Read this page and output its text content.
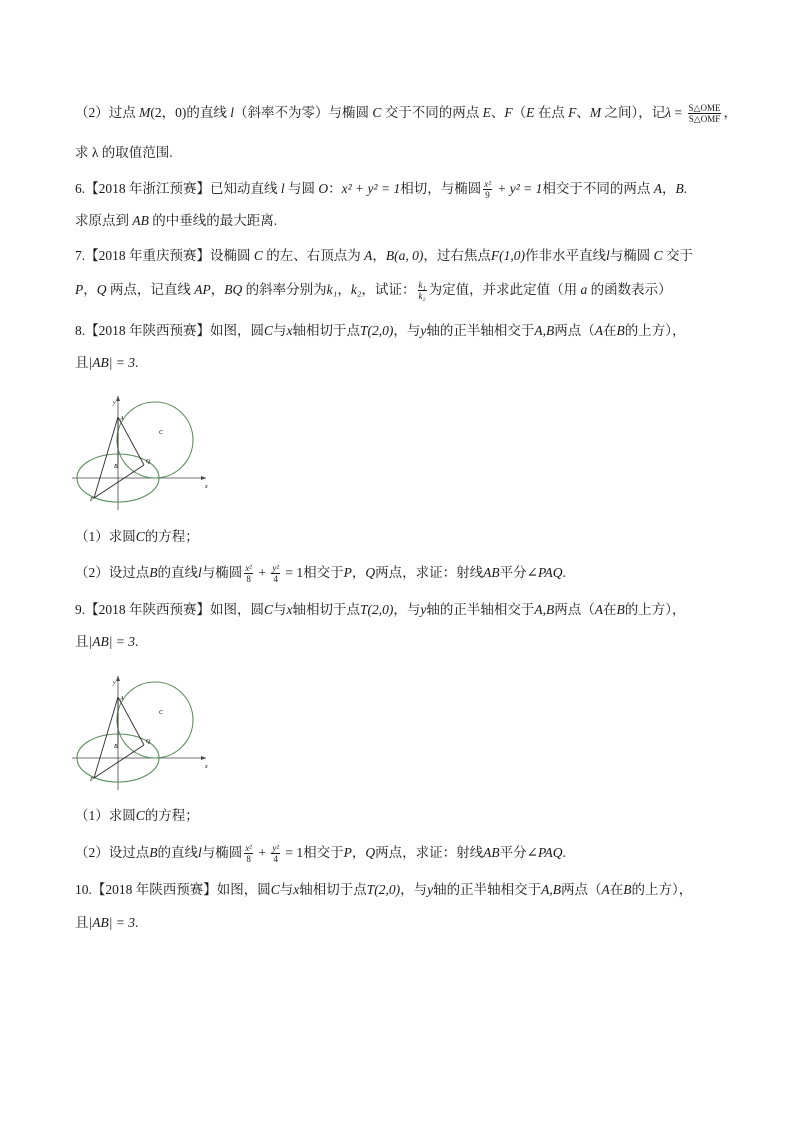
（2）过点 M(2，0)的直线 l（斜率不为零）与椭圆 C 交于不同的两点 E、F（E 在点 F、M 之间），记$\lambda = \frac{\text{S△OME}}{\text{S△OMF}}$ ，
求 λ 的取值范围.
6.【2018 年浙江预赛】已知动直线 l 与圆 O：x² + y² = 1相切，与椭圆 $\frac{\text{x²}}{9} + y^2 = 1$相交于不同的两点 A，B.
求原点到 AB 的中垂线的最大距离.
7.【2018 年重庆预赛】设椭圆 C 的左、右顶点为 A，B(a, 0)，过右焦点F(1,0)作非水平直线l与椭圆 C 交于
P，Q 两点，记直线 AP，BQ 的斜率分别为k₁，k₂，试证： $\frac{\text{k₁}}{\text{k₂}}$ 为定值，并求此定值（用 a 的函数表示）
8.【2018 年陕西预赛】如图，圆C与x轴相切于点T(2,0)，与y轴的正半轴相交于A,B两点（A在B的上方），
且|AB| = 3.
y
x
A
B
Q
C
P
（1）求圆C的方程；
（2）设过点B的直线l与椭圆 $\frac{\text{x²}}{8} + \frac{\text{y²}}{4} = 1$相交于P，Q两点，求证：射线AB平分∠PAQ.
9.【2018 年陕西预赛】如图，圆C与x轴相切于点T(2,0)，与y轴的正半轴相交于A,B两点（A在B的上方），
且|AB| = 3.
y
x
A
B
Q
C
P
（1）求圆C的方程；
（2）设过点B的直线l与椭圆 $\frac{\text{x²}}{8} + \frac{\text{y²}}{4} = 1$相交于P，Q两点，求证：射线AB平分∠PAQ.
10.【2018 年陕西预赛】如图，圆C与x轴相切于点T(2,0)，与y轴的正半轴相交于A,B两点（A在B的上方），
且|AB| = 3.
